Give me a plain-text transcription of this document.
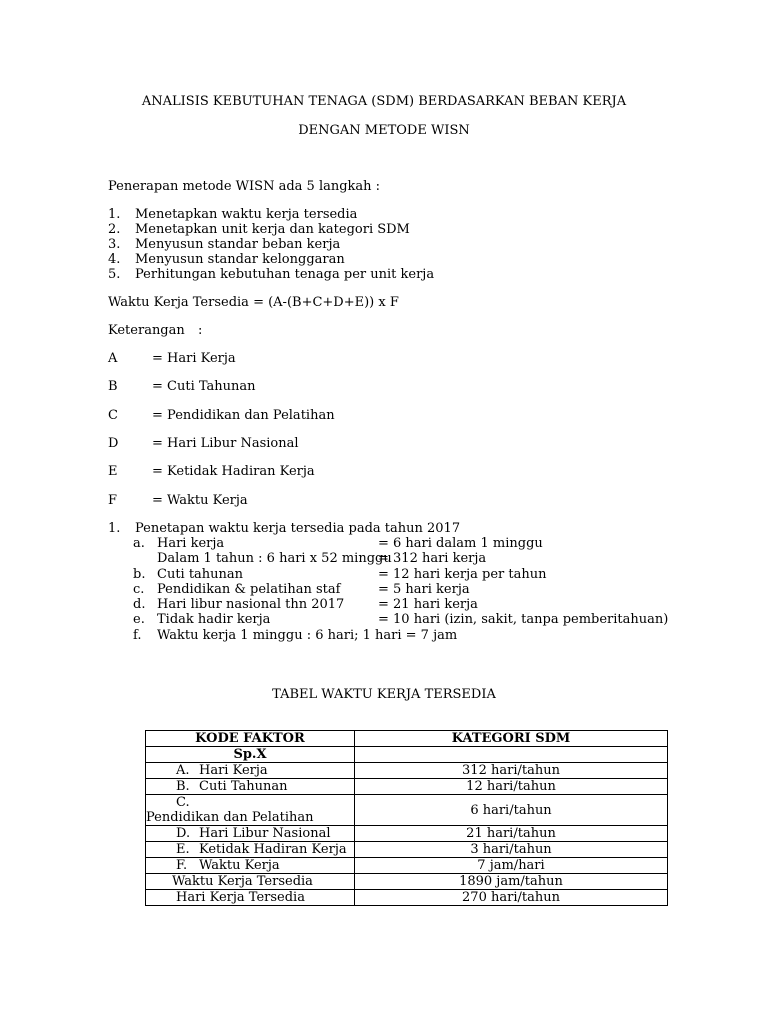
ANALISIS KEBUTUHAN TENAGA (SDM) BERDASARKAN BEBAN KERJA
DENGAN METODE WISN
Penerapan metode WISN ada 5 langkah :
1. Menetapkan waktu kerja tersedia
2. Menetapkan unit kerja dan kategori SDM
3. Menyusun standar beban kerja
4. Menyusun standar kelonggaran
5. Perhitungan kebutuhan tenaga per unit kerja
Waktu Kerja Tersedia = (A-(B+C+D+E)) x F
Keterangan :
A	= Hari Kerja
B	= Cuti Tahunan
C	= Pendidikan dan Pelatihan
D	= Hari Libur Nasional
E	= Ketidak Hadiran Kerja
F	= Waktu Kerja
1. Penetapan waktu kerja tersedia pada tahun 2017
a. Hari kerja	= 6 hari dalam 1 minggu
Dalam 1 tahun : 6 hari x 52 minggu
= 312 hari kerja
b. Cuti tahunan	= 12 hari kerja per tahun
c. Pendidikan & pelatihan staf	= 5 hari kerja
d. Hari libur nasional thn 2017	= 21 hari kerja
e. Tidak hadir kerja	= 10 hari (izin, sakit, tanpa pemberitahuan)
f. Waktu kerja 1 minggu : 6 hari; 1 hari = 7 jam
TABEL WAKTU KERJA TERSEDIA
KODE FAKTOR	KATEGORI SDM
Sp.X	
A. Hari Kerja	312 hari/tahun
B. Cuti Tahunan	12 hari/tahun
C.Pendidikan dan Pelatihan	6 hari/tahun
D. Hari Libur Nasional	21 hari/tahun
E. Ketidak Hadiran Kerja	3 hari/tahun
F. Waktu Kerja	7 jam/hari
Waktu Kerja Tersedia	1890 jam/tahun
Hari Kerja Tersedia	270 hari/tahun
